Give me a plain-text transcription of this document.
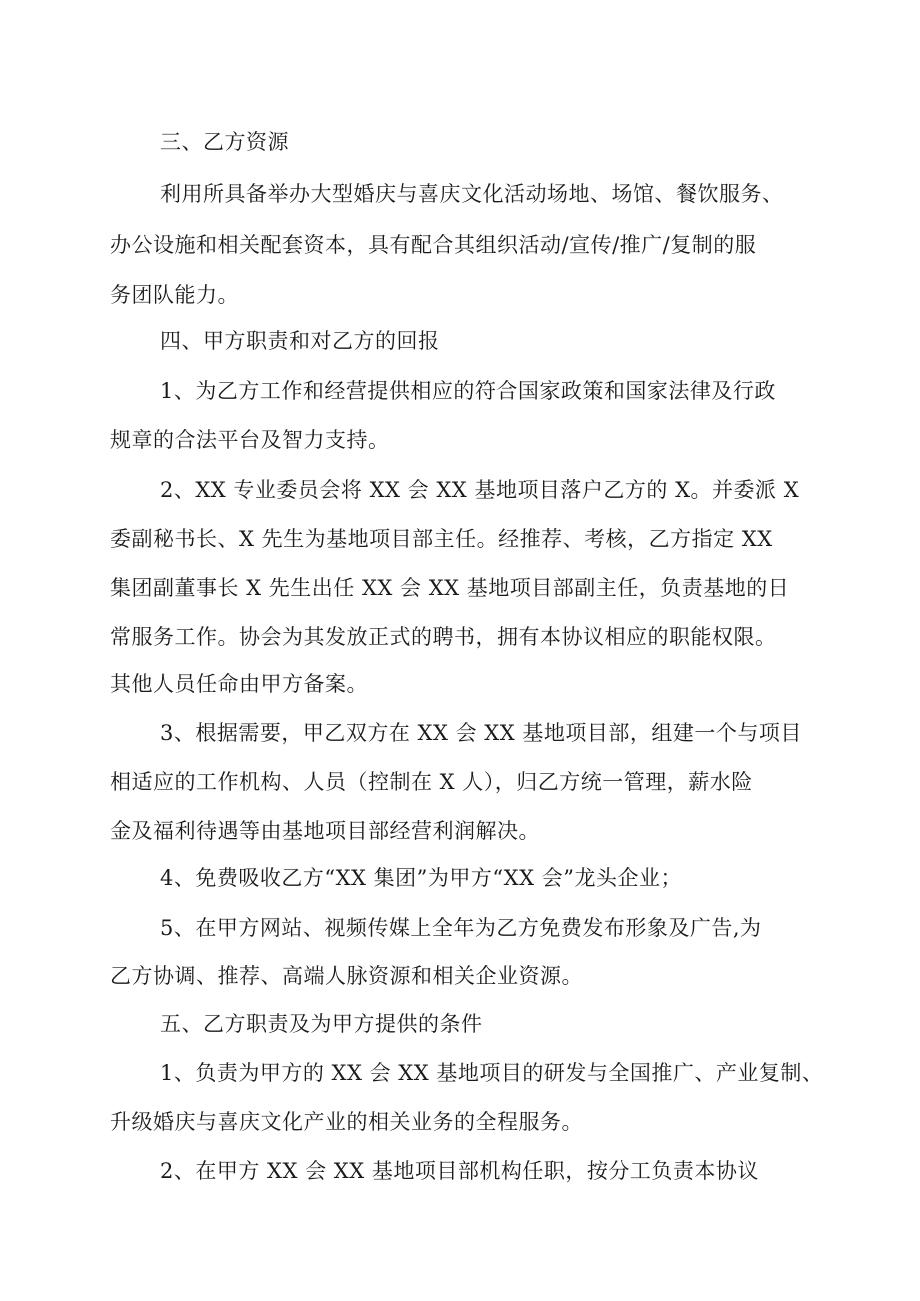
三、乙方资源
利用所具备举办大型婚庆与喜庆文化活动场地、场馆、餐饮服务、
办公设施和相关配套资本，具有配合其组织活动/宣传/推广/复制的服
务团队能力。
四、甲方职责和对乙方的回报
1、为乙方工作和经营提供相应的符合国家政策和国家法律及行政
规章的合法平台及智力支持。
2、XX 专业委员会将 XX 会 XX 基地项目落户乙方的 X。并委派 X
委副秘书长、X 先生为基地项目部主任。经推荐、考核，乙方指定 XX
集团副董事长 X 先生出任 XX 会 XX 基地项目部副主任，负责基地的日
常服务工作。协会为其发放正式的聘书，拥有本协议相应的职能权限。
其他人员任命由甲方备案。
3、根据需要，甲乙双方在 XX 会 XX 基地项目部，组建一个与项目
相适应的工作机构、人员（控制在 X 人），归乙方统一管理，薪水险
金及福利待遇等由基地项目部经营利润解决。
4、免费吸收乙方“XX 集团”为甲方“XX 会”龙头企业；
5、在甲方网站、视频传媒上全年为乙方免费发布形象及广告,为
乙方协调、推荐、高端人脉资源和相关企业资源。
五、乙方职责及为甲方提供的条件
1、负责为甲方的 XX 会 XX 基地项目的研发与全国推广、产业复制、
升级婚庆与喜庆文化产业的相关业务的全程服务。
2、在甲方 XX 会 XX 基地项目部机构任职，按分工负责本协议
